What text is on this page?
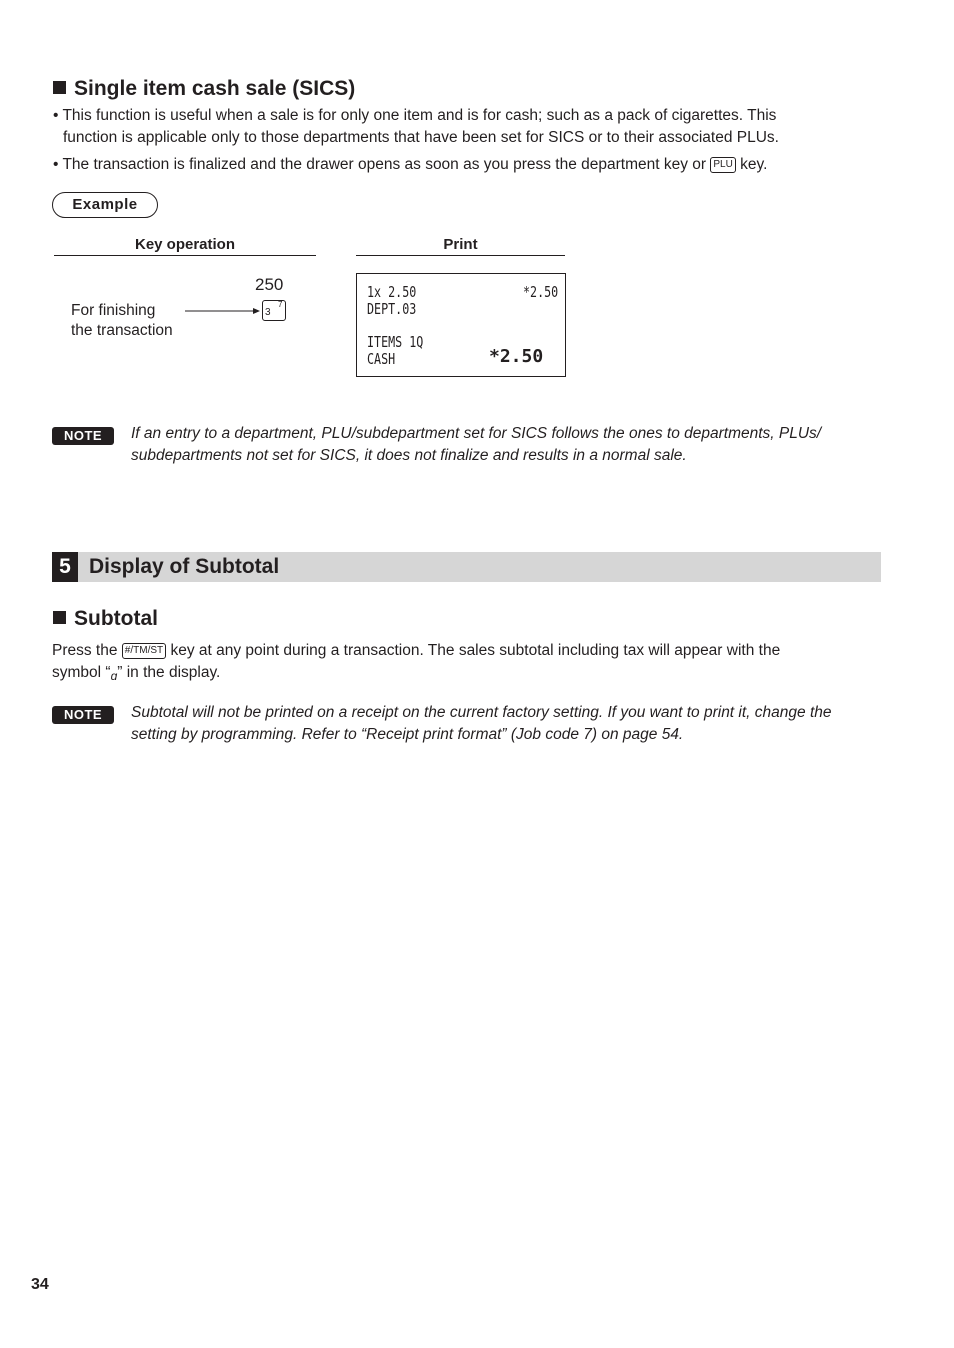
Single item cash sale (SICS)
• This function is useful when a sale is for only one item and is for cash; such as a pack of cigarettes. This
function is applicable only to those departments that have been set for SICS or to their associated PLUs.
• The transaction is finalized and the drawer opens as soon as you press the department key or PLU key.
Example
Key operation	Print
250
For finishing
the transaction
3
7
1x 2.50	*2.50
DEPT.03
ITEMS 1Q
CASH	*2.50
NOTE	If an entry to a department, PLU/subdepartment set for SICS follows the ones to departments, PLUs/
subdepartments not set for SICS, it does not finalize and results in a normal sale.
5 Display of Subtotal
Subtotal
Press the #/TM/ST key at any point during a transaction. The sales subtotal including tax will appear with the
symbol “ɑ” in the display.
NOTE	Subtotal will not be printed on a receipt on the current factory setting. If you want to print it, change the
setting by programming. Refer to “Receipt print format” (Job code 7) on page 54.
34
